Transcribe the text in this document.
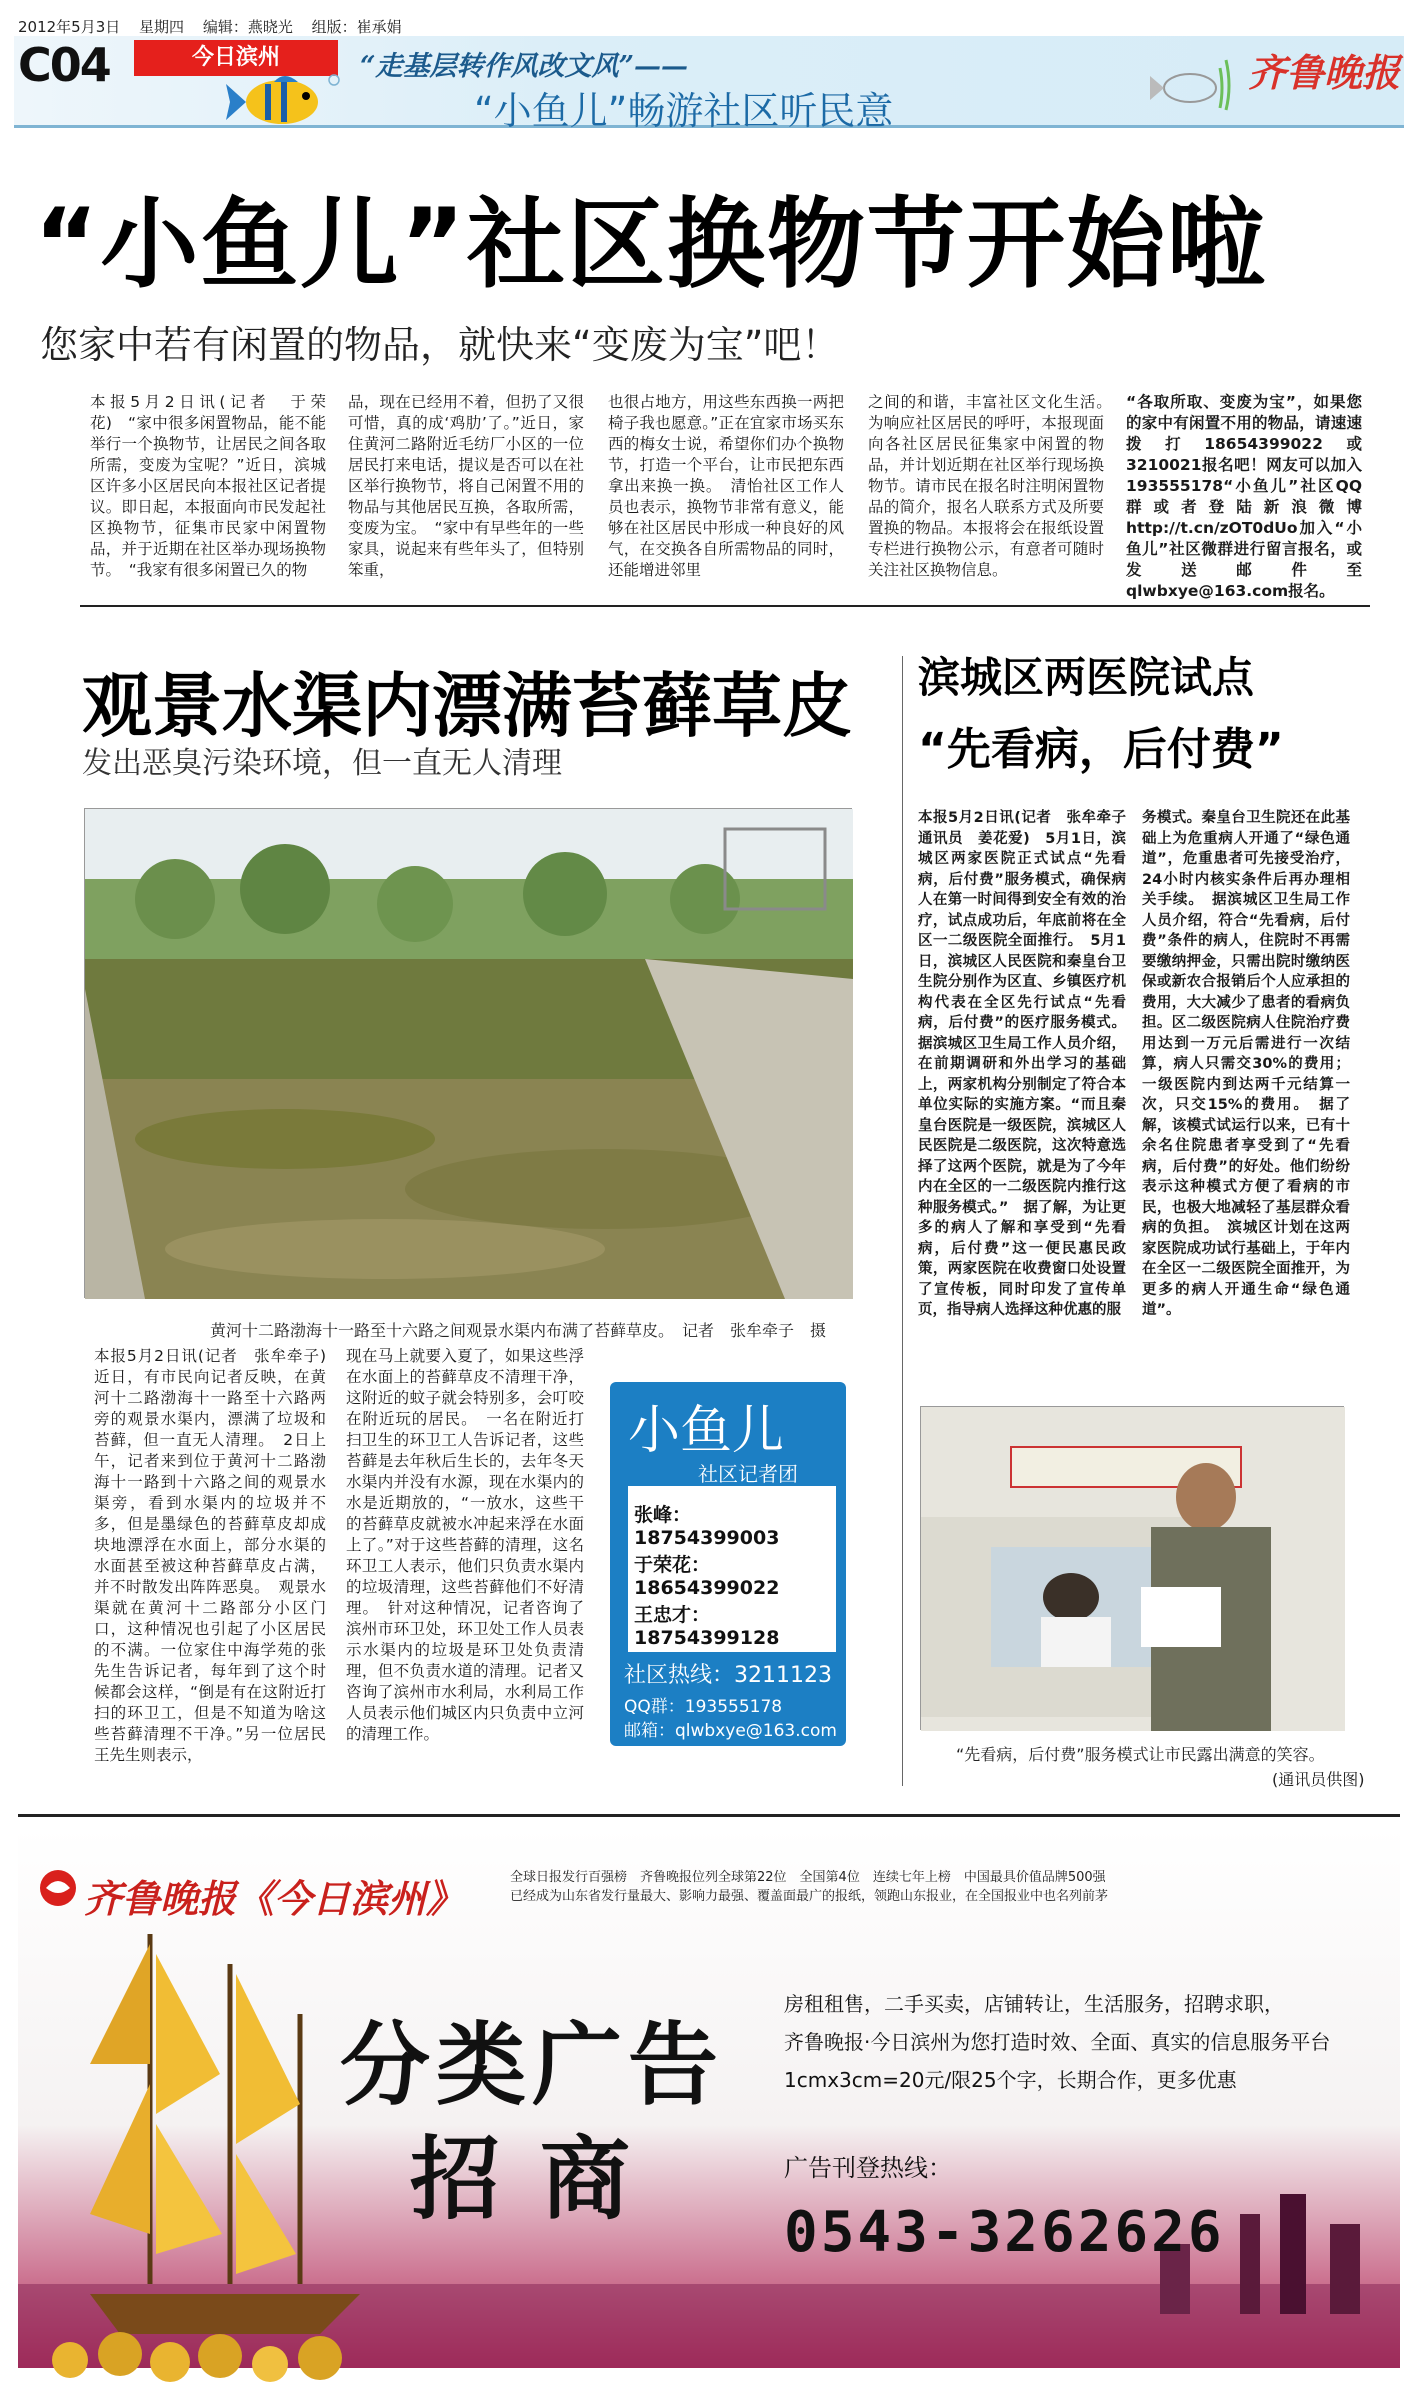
2012年5月3日 星期四 编辑：燕晓光 组版：崔承娟
C04	今日滨州	“走基层转作风改文风”——
“小鱼儿”畅游社区听民意
齐鲁晚报
“小鱼儿”社区换物节开始啦
您家中若有闲置的物品，就快来“变废为宝”吧！
本报5月2日讯(记者　于荣花)　“家中很多闲置物品，能不能举行一个换物节，让居民之间各取所需，变废为宝呢？”近日，滨城区许多小区居民向本报社区记者提议。即日起，本报面向市民发起社区换物节，征集市民家中闲置物品，并于近期在社区举办现场换物节。　“我家有很多闲置已久的物
品，现在已经用不着，但扔了又很可惜，真的成‘鸡肋’了。”近日，家住黄河二路附近毛纺厂小区的一位居民打来电话，提议是否可以在社区举行换物节，将自己闲置不用的物品与其他居民互换，各取所需，变废为宝。　“家中有早些年的一些家具，说起来有些年头了，但特别笨重，
也很占地方，用这些东西换一两把椅子我也愿意。”正在宜家市场买东西的梅女士说，希望你们办个换物节，打造一个平台，让市民把东西拿出来换一换。　清怡社区工作人员也表示，换物节非常有意义，能够在社区居民中形成一种良好的风气，在交换各自所需物品的同时，还能增进邻里
之间的和谐，丰富社区文化生活。　为响应社区居民的呼吁，本报现面向各社区居民征集家中闲置的物品，并计划近期在社区举行现场换物节。请市民在报名时注明闲置物品的简介，报名人联系方式及所要置换的物品。本报将会在报纸设置专栏进行换物公示，有意者可随时关注社区换物信息。
“各取所取、变废为宝”，如果您的家中有闲置不用的物品，请速速拨打18654399022或3210021报名吧！网友可以加入193555178“小鱼儿”社区QQ群或者登陆新浪微博http://t.cn/zOT0dUo加入“小鱼儿”社区微群进行留言报名，或发送邮件至qlwbxye@163.com报名。
观景水渠内漂满苔藓草皮
发出恶臭污染环境，但一直无人清理
黄河十二路渤海十一路至十六路之间观景水渠内布满了苔藓草皮。　记者　张牟牵子　摄
本报5月2日讯(记者　张牟牵子)　近日，有市民向记者反映，在黄河十二路渤海十一路至十六路两旁的观景水渠内，漂满了垃圾和苔藓，但一直无人清理。　2日上午，记者来到位于黄河十二路渤海十一路到十六路之间的观景水渠旁，看到水渠内的垃圾并不多，但是墨绿色的苔藓草皮却成块地漂浮在水面上，部分水渠的水面甚至被这种苔藓草皮占满，并不时散发出阵阵恶臭。　观景水渠就在黄河十二路部分小区门口，这种情况也引起了小区居民的不满。一位家住中海学苑的张先生告诉记者，每年到了这个时候都会这样，“倒是有在这附近打扫的环卫工，但是不知道为啥这些苔藓清理不干净。”另一位居民王先生则表示，
现在马上就要入夏了，如果这些浮在水面上的苔藓草皮不清理干净，这附近的蚊子就会特别多，会叮咬在附近玩的居民。　一名在附近打扫卫生的环卫工人告诉记者，这些苔藓是去年秋后生长的，去年冬天水渠内并没有水源，现在水渠内的水是近期放的，“一放水，这些干的苔藓草皮就被水冲起来浮在水面上了。”对于这些苔藓的清理，这名环卫工人表示，他们只负责水渠内的垃圾清理，这些苔藓他们不好清理。　针对这种情况，记者咨询了滨州市环卫处，环卫处工作人员表示水渠内的垃圾是环卫处负责清理，但不负责水道的清理。记者又咨询了滨州市水利局，水利局工作人员表示他们城区内只负责中立河的清理工作。
小鱼儿
社区记者团
张峰：18754399003
于荣花：18654399022
王忠才：18754399128
社区热线：3211123
QQ群：193555178
邮箱：qlwbxye@163.com
滨城区两医院试点
“先看病，后付费”
本报5月2日讯(记者　张牟牵子　通讯员　姜花爱)　5月1日，滨城区两家医院正式试点“先看病，后付费”服务模式，确保病人在第一时间得到安全有效的治疗，试点成功后，年底前将在全区一二级医院全面推行。　5月1日，滨城区人民医院和秦皇台卫生院分别作为区直、乡镇医疗机构代表在全区先行试点“先看病，后付费”的医疗服务模式。据滨城区卫生局工作人员介绍，在前期调研和外出学习的基础上，两家机构分别制定了符合本单位实际的实施方案。“而且秦皇台医院是一级医院，滨城区人民医院是二级医院，这次特意选择了这两个医院，就是为了今年内在全区的一二级医院内推行这种服务模式。”　据了解，为让更多的病人了解和享受到“先看病，后付费”这一便民惠民政策，两家医院在收费窗口处设置了宣传板，同时印发了宣传单页，指导病人选择这种优惠的服
务模式。秦皇台卫生院还在此基础上为危重病人开通了“绿色通道”，危重患者可先接受治疗，24小时内核实条件后再办理相关手续。　据滨城区卫生局工作人员介绍，符合“先看病，后付费”条件的病人，住院时不再需要缴纳押金，只需出院时缴纳医保或新农合报销后个人应承担的费用，大大减少了患者的看病负担。区二级医院病人住院治疗费用达到一万元后需进行一次结算，病人只需交30%的费用；一级医院内到达两千元结算一次，只交15%的费用。　据了解，该模式试运行以来，已有十余名住院患者享受到了“先看病，后付费”的好处。他们纷纷表示这种模式方便了看病的市民，也极大地减轻了基层群众看病的负担。　滨城区计划在这两家医院成功试行基础上，于年内在全区一二级医院全面推开，为更多的病人开通生命“绿色通道”。
“先看病，后付费”服务模式让市民露出满意的笑容。
(通讯员供图)
齐鲁晚报《今日滨州》	全球日报发行百强榜　齐鲁晚报位列全球第22位　全国第4位　连续七年上榜　中国最具价值品牌500强
已经成为山东省发行量最大、影响力最强、覆盖面最广的报纸，领跑山东报业，在全国报业中也名列前茅
分类广告
招商
房租租售，二手买卖，店铺转让，生活服务，招聘求职，
齐鲁晚报·今日滨州为您打造时效、全面、真实的信息服务平台
1cmx3cm=20元/限25个字，长期合作，更多优惠
广告刊登热线：
0543-3262626
